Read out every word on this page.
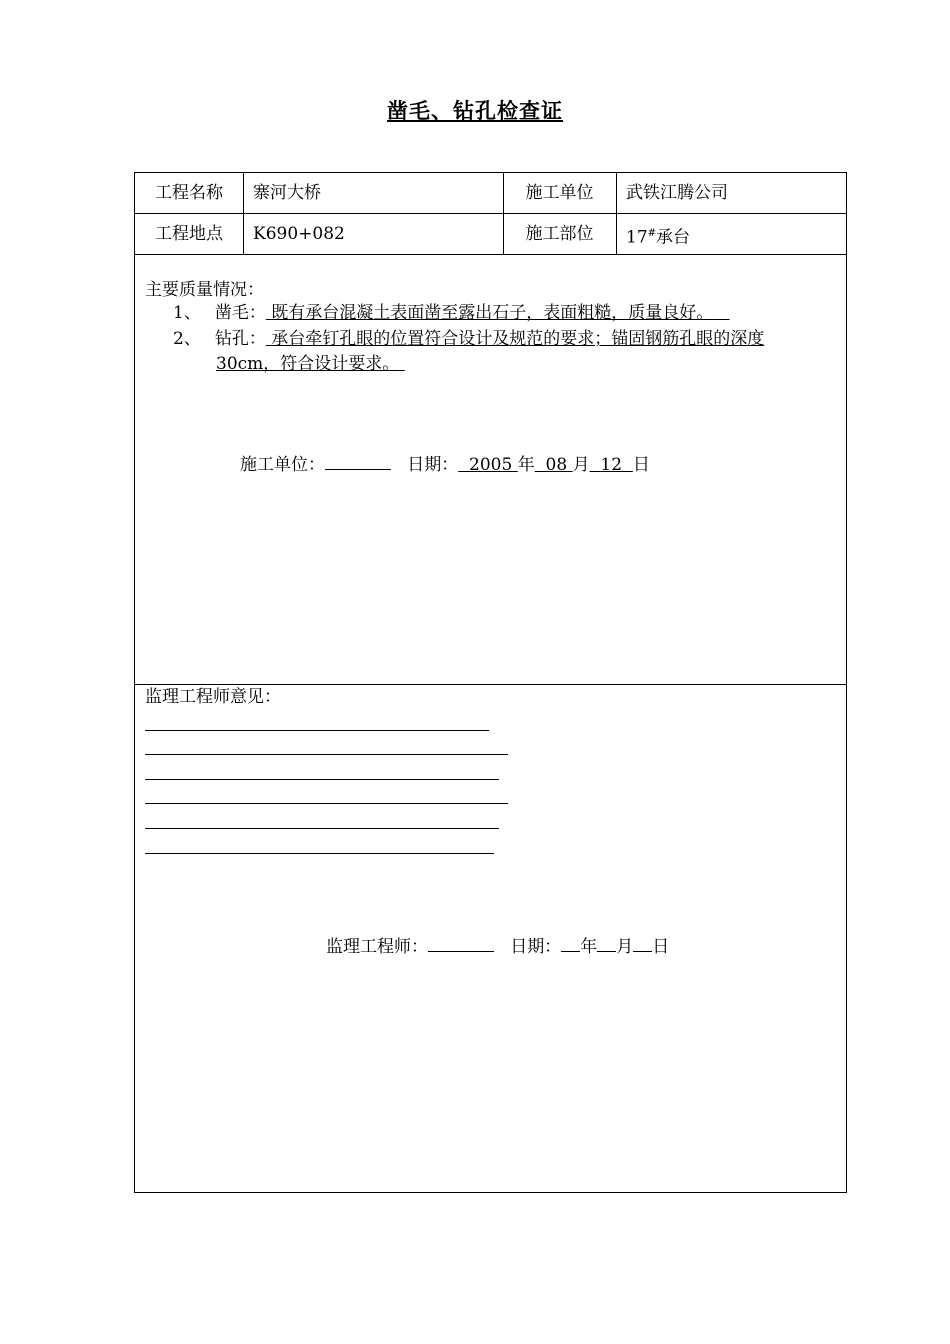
凿毛、钻孔检查证
工程名称	寨河大桥	施工单位	武铁江腾公司
工程地点	K690+082	施工部位	17#承台
主要质量情况：
1、 凿毛： 既有承台混凝土表面凿至露出石子，表面粗糙，质量良好。
2、 钻孔： 承台牵钉孔眼的位置符合设计及规范的要求；锚固钢筋孔眼的深度
30cm，符合设计要求。
施工单位：	日期： 2005 年 08 月 12 日
监理工程师意见：
监理工程师：	日期： 年 月 日
